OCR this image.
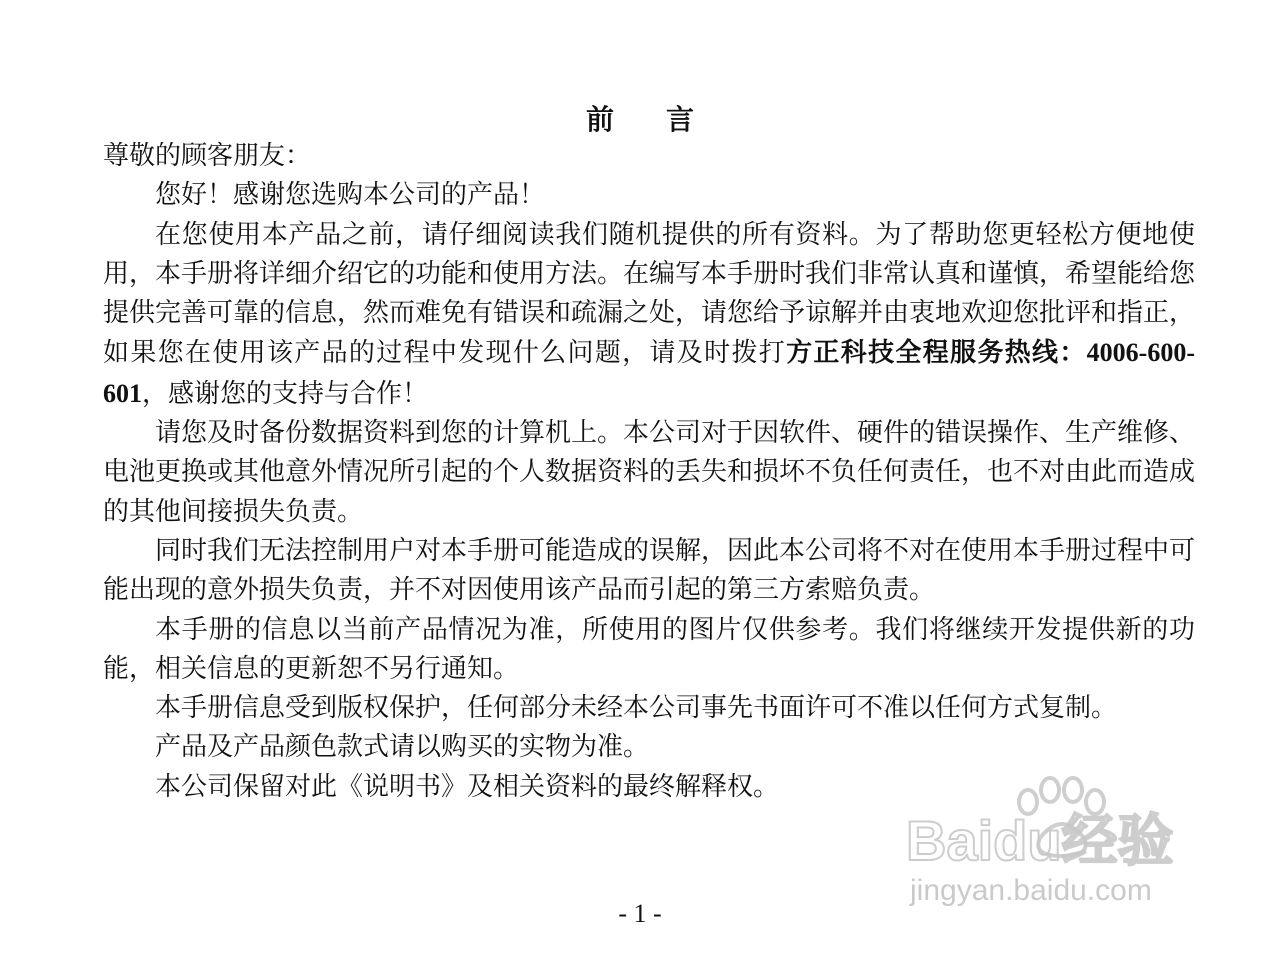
前言

尊敬的顾客朋友：

您好！感谢您选购本公司的产品！

在您使用本产品之前，请仔细阅读我们随机提供的所有资料。为了帮助您更轻松方便地使用，本手册将详细介绍它的功能和使用方法。在编写本手册时我们非常认真和谨慎，希望能给您提供完善可靠的信息，然而难免有错误和疏漏之处，请您给予谅解并由衷地欢迎您批评和指正，如果您在使用该产品的过程中发现什么问题，请及时拨打方正科技全程服务热线：4006-600-601，感谢您的支持与合作！

请您及时备份数据资料到您的计算机上。本公司对于因软件、硬件的错误操作、生产维修、电池更换或其他意外情况所引起的个人数据资料的丢失和损坏不负任何责任，也不对由此而造成的其他间接损失负责。

同时我们无法控制用户对本手册可能造成的误解，因此本公司将不对在使用本手册过程中可能出现的意外损失负责，并不对因使用该产品而引起的第三方索赔负责。

本手册的信息以当前产品情况为准，所使用的图片仅供参考。我们将继续开发提供新的功能，相关信息的更新恕不另行通知。

本手册信息受到版权保护，任何部分未经本公司事先书面许可不准以任何方式复制。

产品及产品颜色款式请以购买的实物为准。

本公司保留对此《说明书》及相关资料的最终解释权。

- 1 -
Baidu经验
jingyan.baidu.com
